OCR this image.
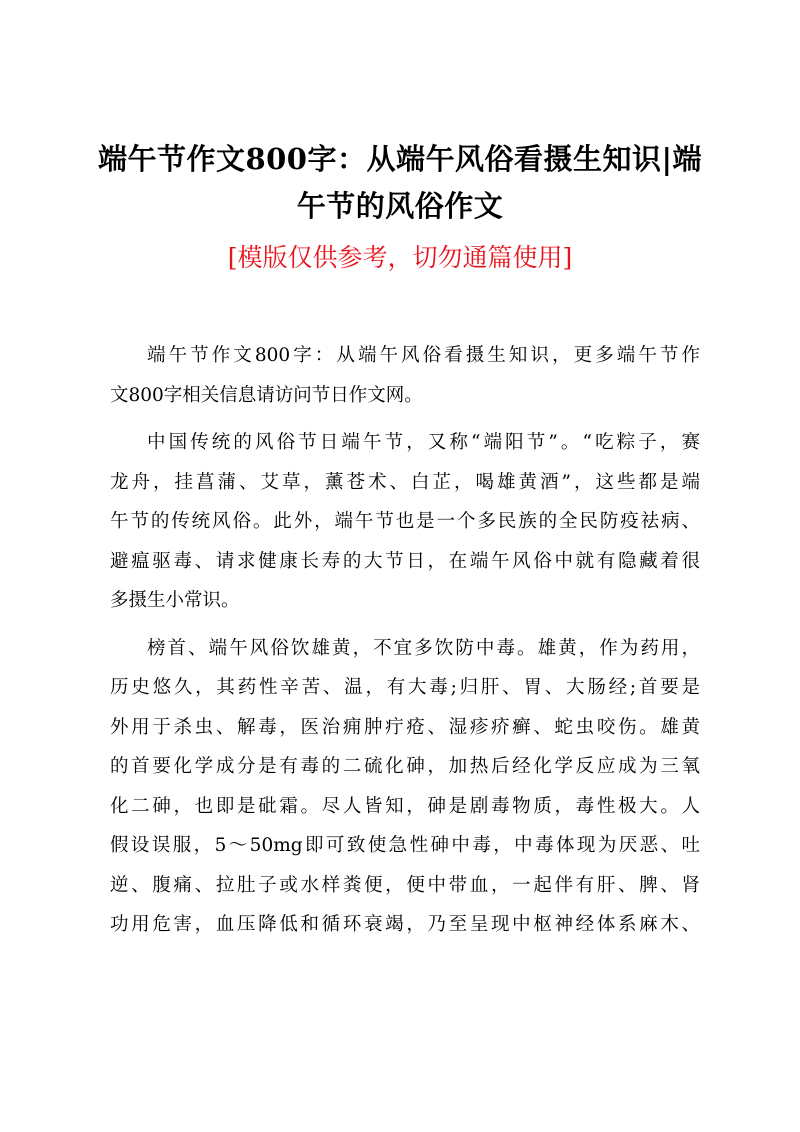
端午节作文800字：从端午风俗看摄生知识|端
午节的风俗作文
[模版仅供参考，切勿通篇使用]
端午节作文800字：从端午风俗看摄生知识，更多端午节作
文800字相关信息请访问节日作文网。
中国传统的风俗节日端午节，又称“端阳节”。“吃粽子，赛
龙舟，挂菖蒲、艾草，薰苍术、白芷，喝雄黄酒”，这些都是端
午节的传统风俗。此外，端午节也是一个多民族的全民防疫祛病、
避瘟驱毒、请求健康长寿的大节日，在端午风俗中就有隐藏着很
多摄生小常识。
榜首、端午风俗饮雄黄，不宜多饮防中毒。雄黄，作为药用，
历史悠久，其药性辛苦、温，有大毒;归肝、胃、大肠经;首要是
外用于杀虫、解毒，医治痈肿疔疮、湿疹疥癣、蛇虫咬伤。雄黄
的首要化学成分是有毒的二硫化砷，加热后经化学反应成为三氧
化二砷，也即是砒霜。尽人皆知，砷是剧毒物质，毒性极大。人
假设误服，5～50mg即可致使急性砷中毒，中毒体现为厌恶、吐
逆、腹痛、拉肚子或水样粪便，便中带血，一起伴有肝、脾、肾
功用危害，血压降低和循环衰竭，乃至呈现中枢神经体系麻木、
